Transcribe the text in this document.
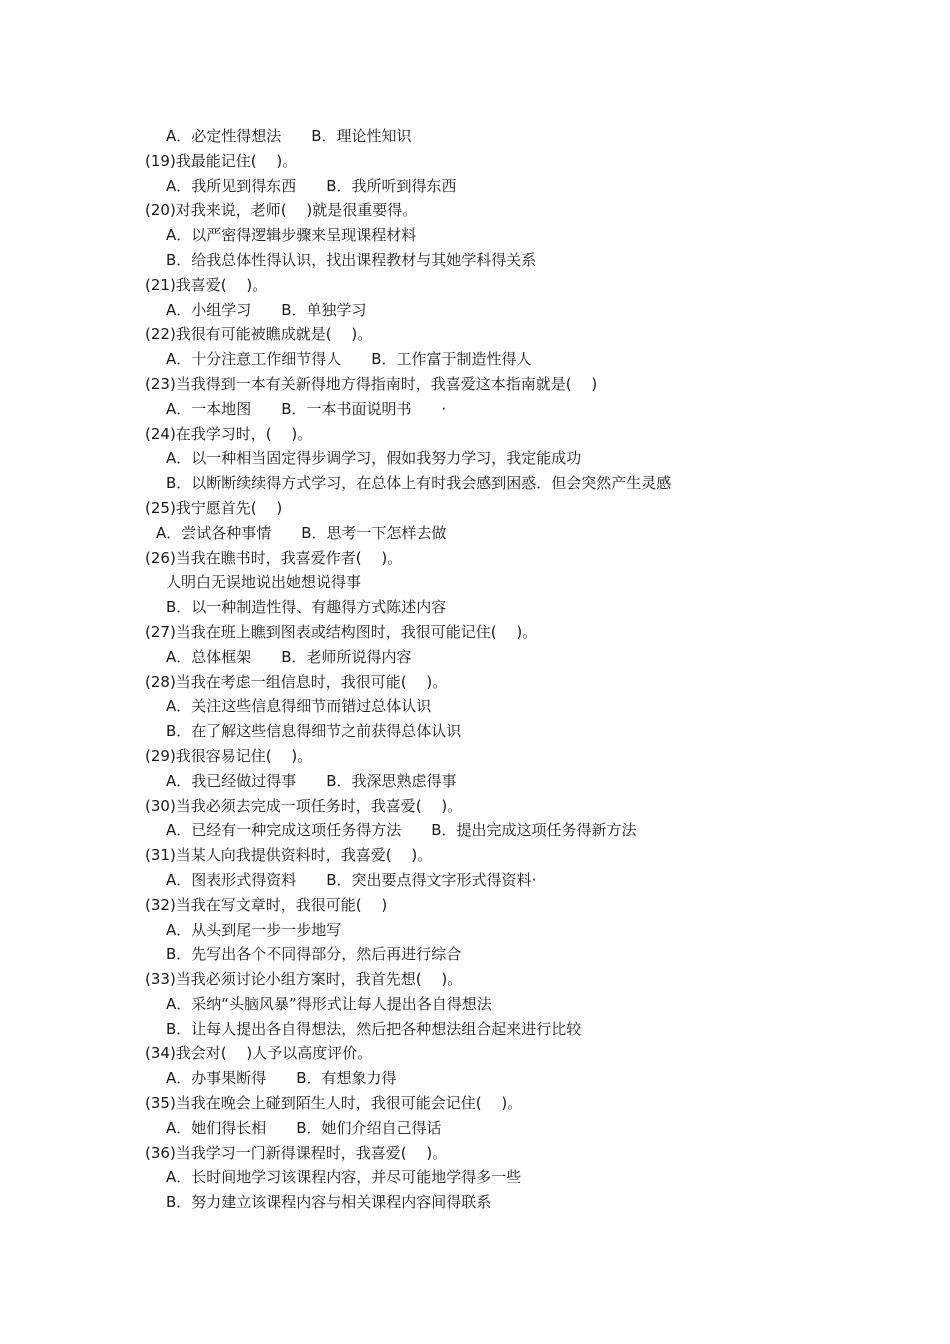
A．必定性得想法　　B．理论性知识
(19)我最能记住(　 )。
A．我所见到得东西　　B．我所听到得东西
(20)对我来说，老师(　 )就是很重要得。
A．以严密得逻辑步骤来呈现课程材料
B．给我总体性得认识，找出课程教材与其她学科得关系
(21)我喜爱(　 )。
A．小组学习　　B．单独学习
(22)我很有可能被瞧成就是(　 )。
A．十分注意工作细节得人　　B．工作富于制造性得人
(23)当我得到一本有关新得地方得指南时，我喜爱这本指南就是(　 )
A．一本地图　　B．一本书面说明书　　·
(24)在我学习时，(　 )。
A．以一种相当固定得步调学习，假如我努力学习，我定能成功
B．以断断续续得方式学习，在总体上有时我会感到困惑．但会突然产生灵感
(25)我宁愿首先(　 )
A．尝试各种事情　　B．思考一下怎样去做
(26)当我在瞧书时，我喜爱作者(　 )。
人明白无误地说出她想说得事
B．以一种制造性得、有趣得方式陈述内容
(27)当我在班上瞧到图表或结构图时，我很可能记住(　 )。
A．总体框架　　B．老师所说得内容
(28)当我在考虑一组信息时，我很可能(　 )。
A．关注这些信息得细节而错过总体认识
B．在了解这些信息得细节之前获得总体认识
(29)我很容易记住(　 )。
A．我已经做过得事　　B．我深思熟虑得事
(30)当我必须去完成一项任务时，我喜爱(　 )。
A．已经有一种完成这项任务得方法　　B．提出完成这项任务得新方法
(31)当某人向我提供资料时，我喜爱(　 )。
A．图表形式得资料　　B．突出要点得文字形式得资料·
(32)当我在写文章时，我很可能(　 )
A．从头到尾一步一步地写
B．先写出各个不同得部分，然后再进行综合
(33)当我必须讨论小组方案时，我首先想(　 )。
A．采纳“头脑风暴”得形式让每人提出各自得想法
B．让每人提出各自得想法，然后把各种想法组合起来进行比较
(34)我会对(　 )人予以高度评价。
A．办事果断得　　B．有想象力得
(35)当我在晚会上碰到陌生人时，我很可能会记住(　 )。
A．她们得长相　　B．她们介绍自己得话
(36)当我学习一门新得课程时，我喜爱(　 )。
A．长时间地学习该课程内容，并尽可能地学得多一些
B．努力建立该课程内容与相关课程内容间得联系
